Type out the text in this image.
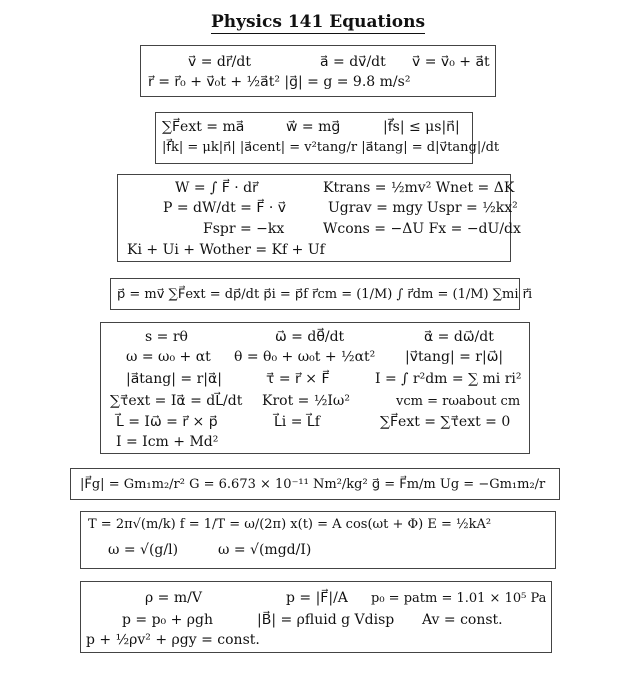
Physics 141 Equations
v⃗ = dr⃗/dt	a⃗ = dv⃗/dt v⃗ = v⃗₀ + a⃗t
r⃗ = r⃗₀ + v⃗₀t + ½a⃗t² |g⃗| = g = 9.8 m/s²
∑F⃗ext = ma⃗	w⃗ = mg⃗	|f⃗s| ≤ μs|n⃗|
|f⃗k| = μk|n⃗| |a⃗cent| = v²tang/r |a⃗tang| = d|v⃗tang|/dt
W = ∫ F⃗ · dr⃗	Ktrans = ½mv² Wnet = ΔK
P = dW/dt = F⃗ · v⃗	Ugrav = mgy Uspr = ½kx²
Fspr = −kx	Wcons = −ΔU Fx = −dU/dx
Ki + Ui + Wother = Kf + Uf
p⃗ = mv⃗ ∑F⃗ext = dp⃗/dt p⃗i = p⃗f r⃗cm = (1/M) ∫ r⃗dm = (1/M) ∑mi r⃗i
s = rθ	ω⃗ = dθ⃗/dt	α⃗ = dω⃗/dt
ω = ω₀ + αt θ = θ₀ + ω₀t + ½αt² |v⃗tang| = r|ω⃗|
|a⃗tang| = r|α⃗|	τ⃗ = r⃗ × F⃗	I = ∫ r²dm = ∑ mi ri²
∑τ⃗ext = Iα⃗ = dL⃗/dt Krot = ½Iω²	vcm = rωabout cm
L⃗ = Iω⃗ = r⃗ × p⃗	L⃗i = L⃗f	∑F⃗ext = ∑τ⃗ext = 0
I = Icm + Md²
|F⃗g| = Gm₁m₂/r² G = 6.673 × 10⁻¹¹ Nm²/kg² g⃗ = F⃗m/m Ug = −Gm₁m₂/r
T = 2π√(m/k) f = 1/T = ω/(2π) x(t) = A cos(ωt + Φ) E = ½kA²
ω = √(g/l)	ω = √(mgd/I)
ρ = m/V	p = |F⃗|/A p₀ = patm = 1.01 × 10⁵ Pa
p = p₀ + ρgh	|B⃗| = ρfluid g Vdisp Av = const.
p + ½ρv² + ρgy = const.
